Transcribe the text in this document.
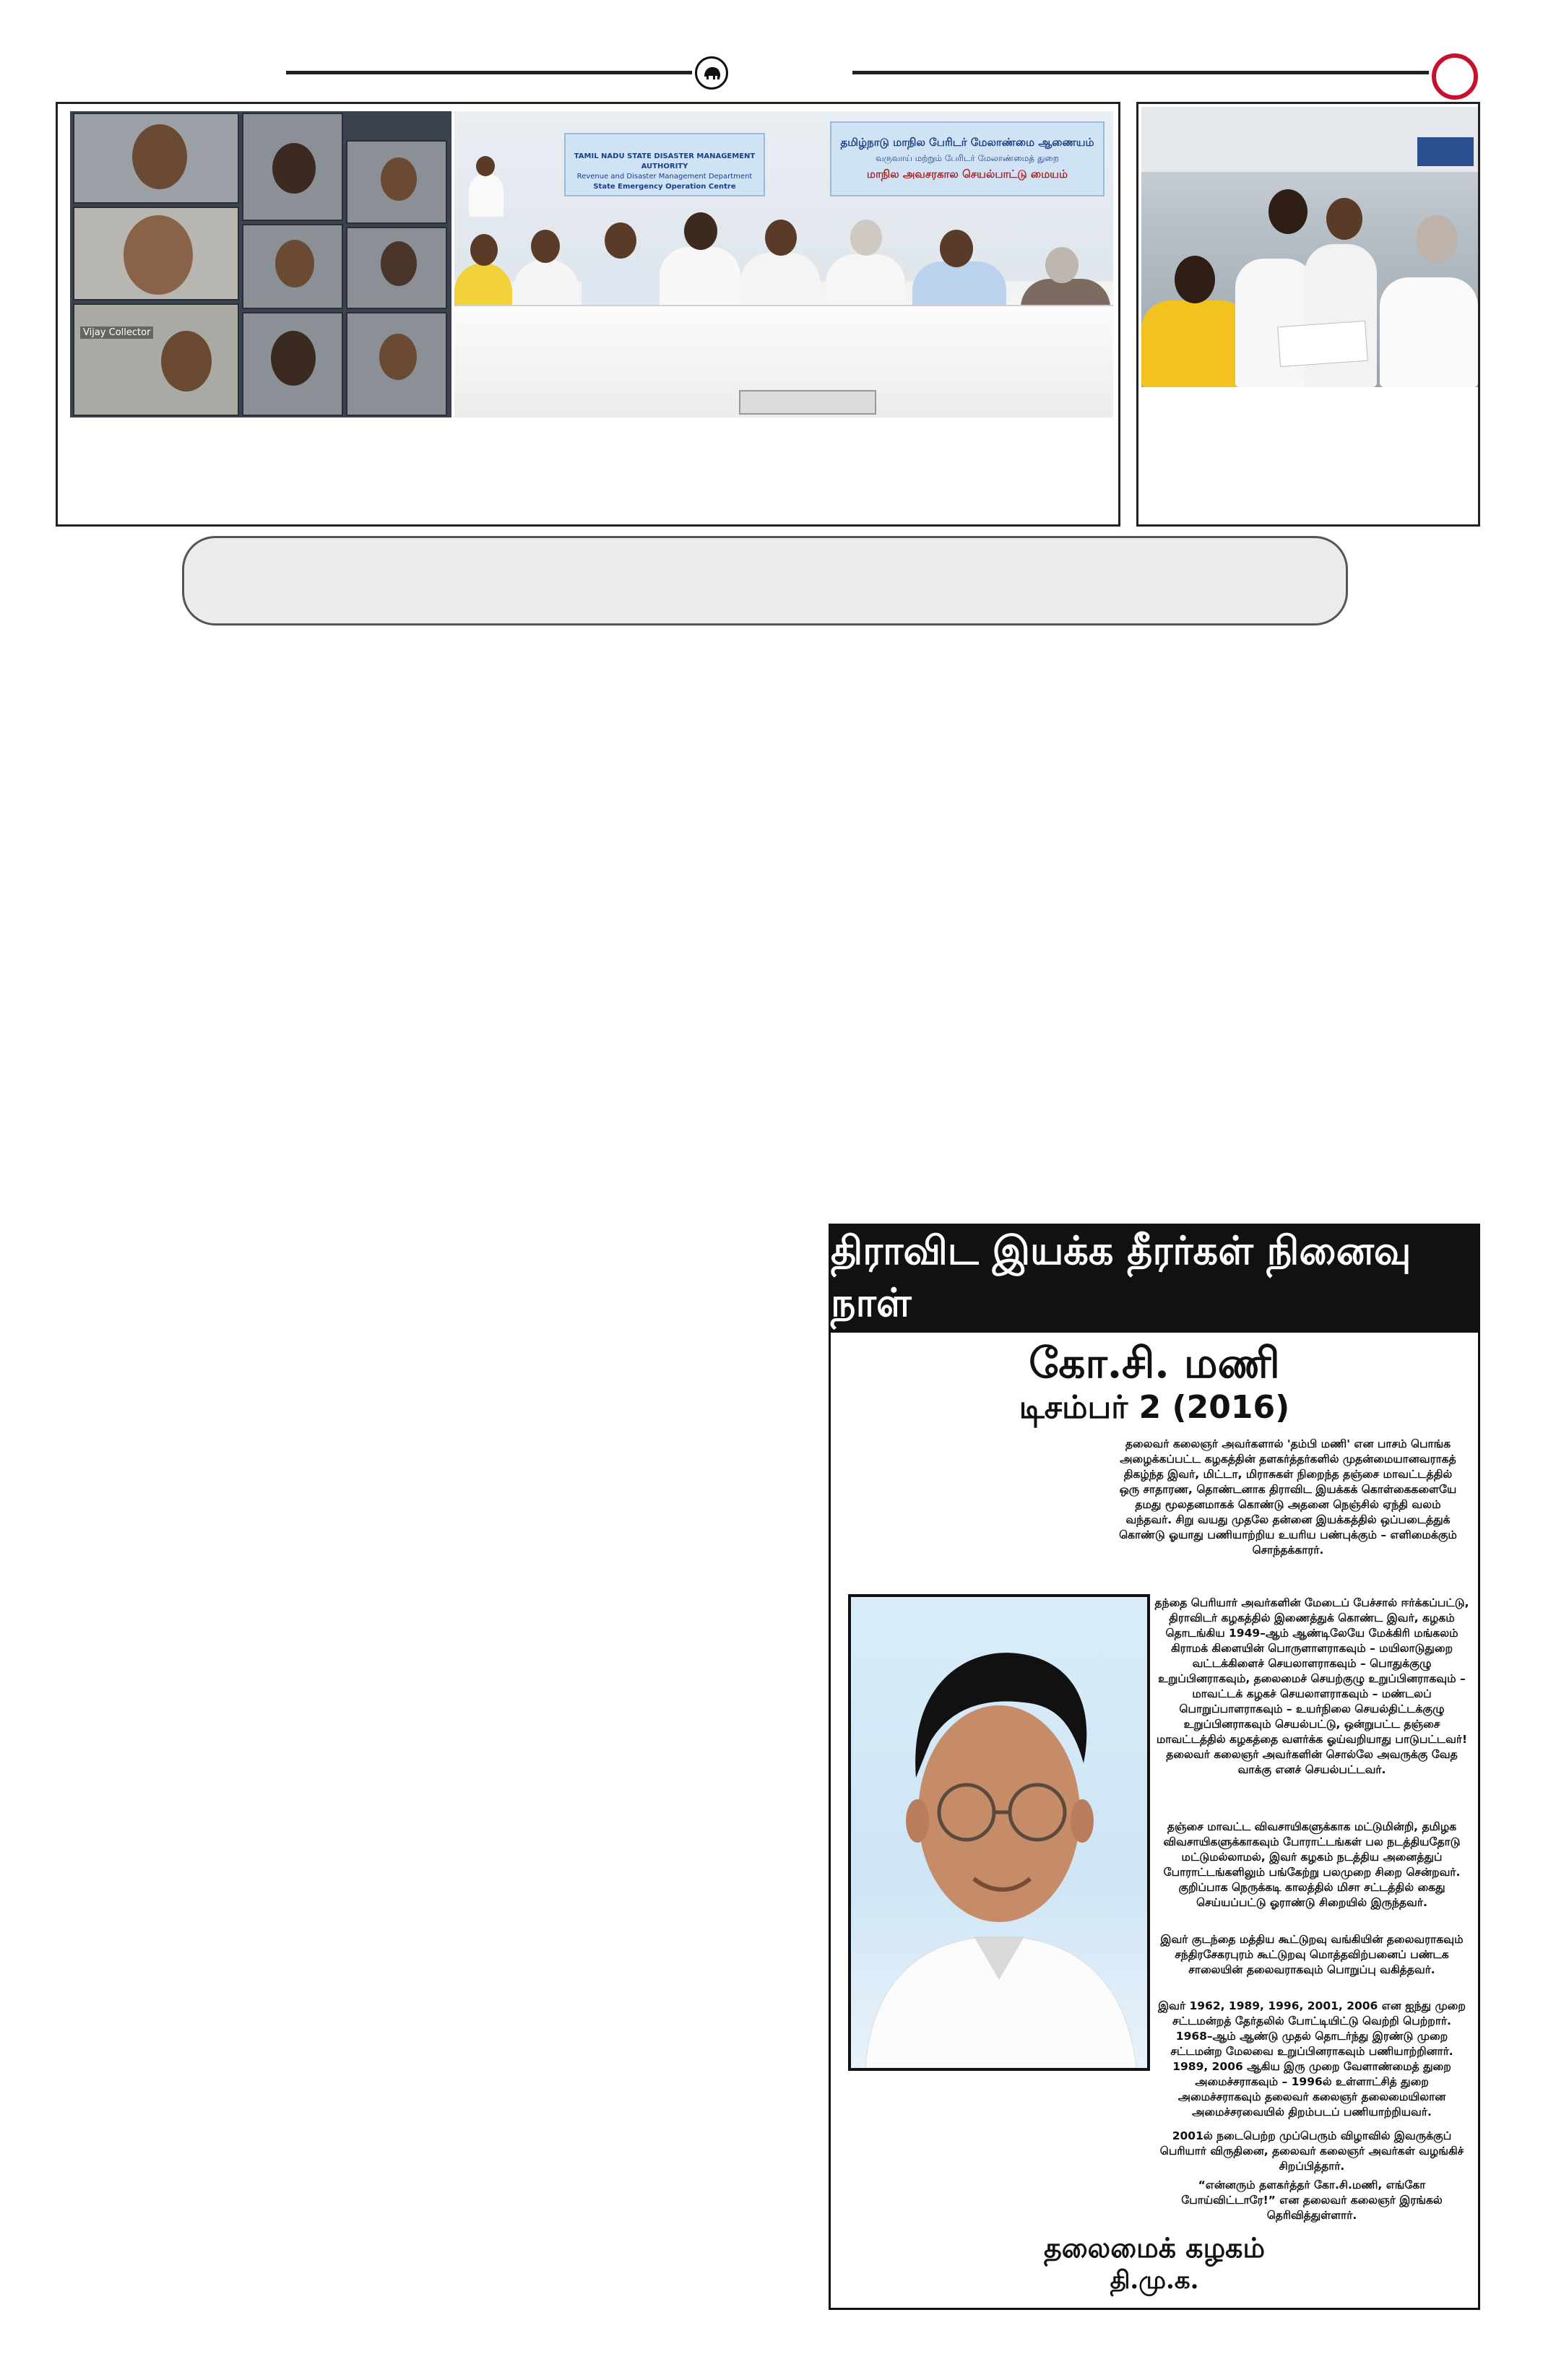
Vijay Collector
TAMIL NADU STATE DISASTER MANAGEMENT AUTHORITY
Revenue and Disaster Management Department
State Emergency Operation Centre
தமிழ்நாடு மாநில பேரிடர் மேலாண்மை ஆணையம்
வருவாய் மற்றும் பேரிடர் மேலாண்மைத் துறை
மாநில அவசரகால செயல்பாட்டு மையம்
திராவிட இயக்க தீரர்கள் நினைவு நாள்
கோ.சி. மணி
டிசம்பர் 2 (2016)
தலைவர் கலைஞர் அவர்களால் 'தம்பி மணி' என பாசம் பொங்க அழைக்கப்பட்ட கழகத்தின் தளகர்த்தர்களில் முதன்மையானவராகத் திகழ்ந்த இவர், மிட்டா, மிராசுகள் நிறைந்த தஞ்சை மாவட்டத்தில் ஒரு சாதாரண, தொண்டனாக திராவிட இயக்கக் கொள்கைகளையே தமது மூலதனமாகக் கொண்டு அதனை நெஞ்சில் ஏந்தி வலம் வந்தவர். சிறு வயது முதலே தன்னை இயக்கத்தில் ஒப்படைத்துக் கொண்டு ஓயாது பணியாற்றிய உயரிய பண்புக்கும் – எளிமைக்கும் சொந்தக்காரர்.
தந்தை பெரியார் அவர்களின் மேடைப் பேச்சால் ஈர்க்கப்பட்டு, திராவிடர் கழகத்தில் இணைத்துக் கொண்ட இவர், கழகம் தொடங்கிய 1949–ஆம் ஆண்டிலேயே மேக்கிரி மங்கலம் கிராமக் கிளையின் பொருளாளராகவும் – மயிலாடுதுறை வட்டக்கிளைச் செயலாளராகவும் – பொதுக்குழு உறுப்பினராகவும், தலைமைச் செயற்குழு உறுப்பினராகவும் – மாவட்டக் கழகச் செயலாளராகவும் – மண்டலப் பொறுப்பாளராகவும் – உயர்நிலை செயல்திட்டக்குழு உறுப்பினராகவும் செயல்பட்டு, ஒன்றுபட்ட தஞ்சை மாவட்டத்தில் கழகத்தை வளர்க்க ஓய்வறியாது பாடுபட்டவர்! தலைவர் கலைஞர் அவர்களின் சொல்லே அவருக்கு வேத வாக்கு எனச் செயல்பட்டவர்.
தஞ்சை மாவட்ட விவசாயிகளுக்காக மட்டுமின்றி, தமிழக விவசாயிகளுக்காகவும் போராட்டங்கள் பல நடத்தியதோடு மட்டுமல்லாமல், இவர் கழகம் நடத்திய அனைத்துப் போராட்டங்களிலும் பங்கேற்று பலமுறை சிறை சென்றவர். குறிப்பாக நெருக்கடி காலத்தில் மிசா சட்டத்தில் கைது செய்யப்பட்டு ஓராண்டு சிறையில் இருந்தவர்.
இவர் குடந்தை மத்திய கூட்டுறவு வங்கியின் தலைவராகவும் சந்திரசேகரபுரம் கூட்டுறவு மொத்தவிற்பனைப் பண்டக சாலையின் தலைவராகவும் பொறுப்பு வகித்தவர்.
இவர் 1962, 1989, 1996, 2001, 2006 என ஐந்து முறை சட்டமன்றத் தேர்தலில் போட்டியிட்டு வெற்றி பெற்றார். 1968–ஆம் ஆண்டு முதல் தொடர்ந்து இரண்டு முறை சட்டமன்ற மேலவை உறுப்பினராகவும் பணியாற்றினார். 1989, 2006 ஆகிய இரு முறை வேளாண்மைத் துறை அமைச்சராகவும் – 1996ல் உள்ளாட்சித் துறை அமைச்சராகவும் தலைவர் கலைஞர் தலைமையிலான அமைச்சரவையில் திறம்படப் பணியாற்றியவர்.
2001ல் நடைபெற்ற முப்பெரும் விழாவில் இவருக்குப் பெரியார் விருதினை, தலைவர் கலைஞர் அவர்கள் வழங்கிச் சிறப்பித்தார்.
“என்னரும் தளகர்த்தர் கோ.சி.மணி, எங்கோ போய்விட்டாரே!” என தலைவர் கலைஞர் இரங்கல் தெரிவித்துள்ளார்.
தலைமைக் கழகம்
தி.மு.க.
